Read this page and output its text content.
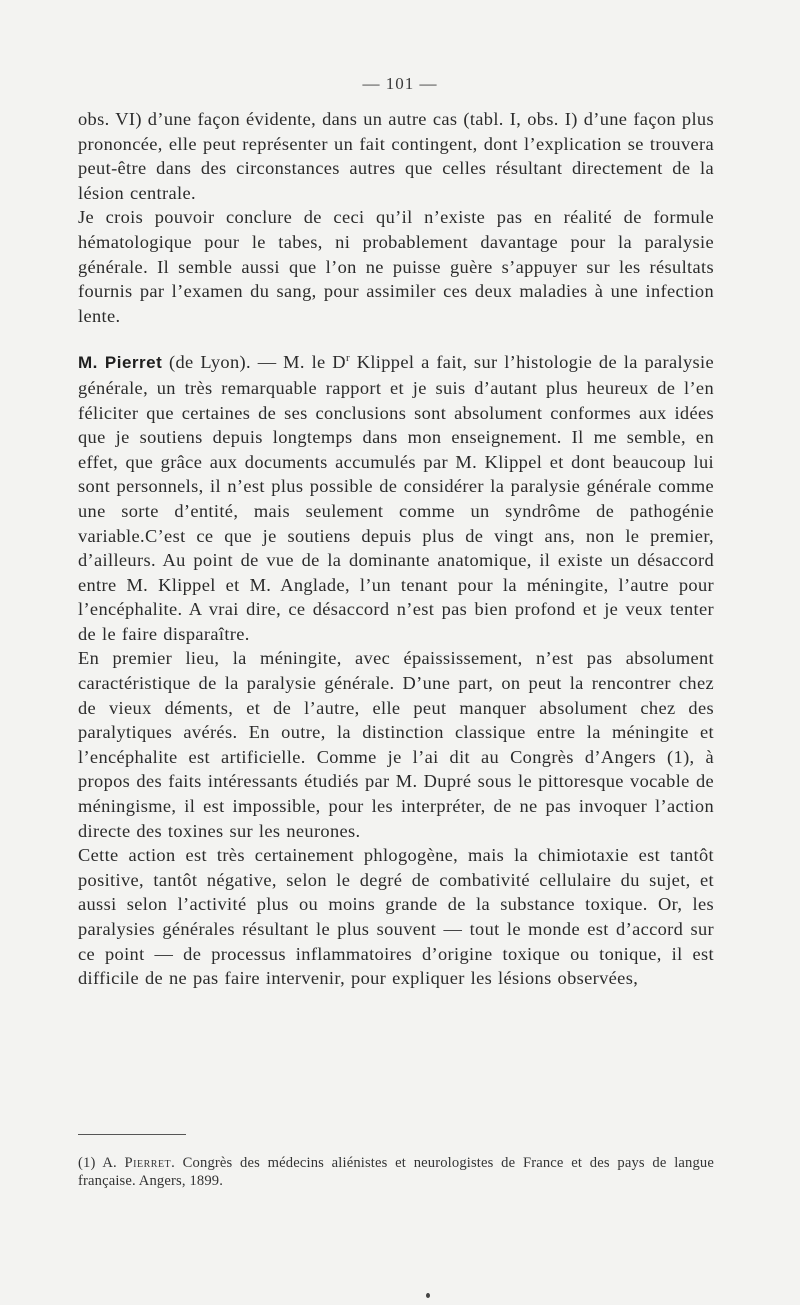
— 101 —

obs. VI) d’une façon évidente, dans un autre cas (tabl. I, obs. I) d’une façon plus prononcée, elle peut représenter un fait contingent, dont l’explication se trouvera peut-être dans des circonstances autres que celles résultant directement de la lésion centrale.

Je crois pouvoir conclure de ceci qu’il n’existe pas en réalité de formule hématologique pour le tabes, ni probablement davantage pour la paralysie générale. Il semble aussi que l’on ne puisse guère s’appuyer sur les résultats fournis par l’examen du sang, pour assimiler ces deux maladies à une infection lente.

M. Pierret (de Lyon). — M. le $D^r$ Klippel a fait, sur l’histologie de la paralysie générale, un très remarquable rapport et je suis d’autant plus heureux de l’en féliciter que certaines de ses conclusions sont absolument conformes aux idées que je soutiens depuis longtemps dans mon enseignement. Il me semble, en effet, que grâce aux documents accumulés par M. Klippel et dont beaucoup lui sont personnels, il n’est plus possible de considérer la paralysie générale comme une sorte d’entité, mais seulement comme un syndrôme de pathogénie variable.C’est ce que je soutiens depuis plus de vingt ans, non le premier, d’ailleurs. Au point de vue de la dominante anatomique, il existe un désaccord entre M. Klippel et M. Anglade, l’un tenant pour la méningite, l’autre pour l’encéphalite. A vrai dire, ce désaccord n’est pas bien profond et je veux tenter de le faire disparaître.

En premier lieu, la méningite, avec épaississement, n’est pas absolument caractéristique de la paralysie générale. D’une part, on peut la rencontrer chez de vieux déments, et de l’autre, elle peut manquer absolument chez des paralytiques avérés. En outre, la distinction classique entre la méningite et l’encéphalite est artificielle. Comme je l’ai dit au Congrès d’Angers (1), à propos des faits intéressants étudiés par M. Dupré sous le pittoresque vocable de méningisme, il est impossible, pour les interpréter, de ne pas invoquer l’action directe des toxines sur les neurones.

Cette action est très certainement phlogogène, mais la chimiotaxie est tantôt positive, tantôt négative, selon le degré de combativité cellulaire du sujet, et aussi selon l’activité plus ou moins grande de la substance toxique. Or, les paralysies générales résultant le plus souvent — tout le monde est d’accord sur ce point — de processus inflammatoires d’origine toxique ou tonique, il est difficile de ne pas faire intervenir, pour expliquer les lésions observées,

(1) A. Pierret. Congrès des médecins aliénistes et neurologistes de France et des pays de langue française. Angers, 1899.
